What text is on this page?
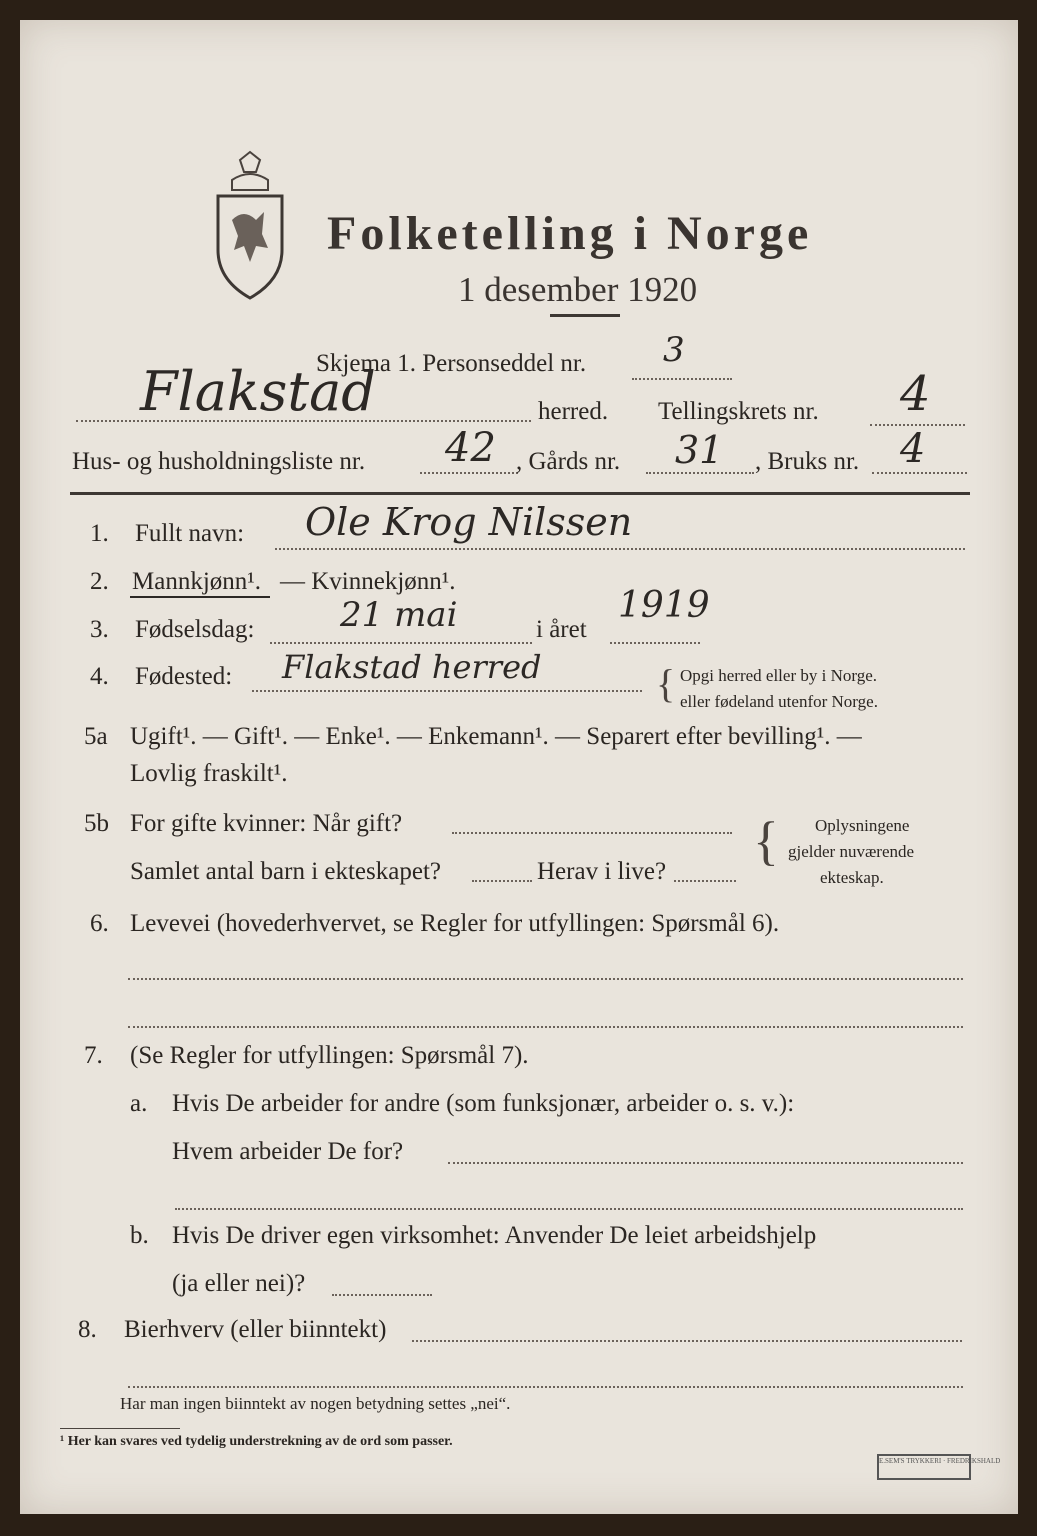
Folketelling i Norge
1 desember 1920
Skjema 1. Personseddel nr. 3
Flakstad	herred. Tellingskrets nr. 4
Hus- og husholdningsliste nr. 42 , Gårds nr. 31 , Bruks nr. 4
1. Fullt navn: Ole Krog Nilssen
2. Mannkjønn¹. — Kvinnekjønn¹.
3. Fødselsdag:	21 mai	i året
1919
4. Fødested: Flakstad herred	{ Opgi herred eller by i Norge.
eller fødeland utenfor Norge.
5a Ugift¹. — Gift¹. — Enke¹. — Enkemann¹. — Separert efter bevilling¹. —
Lovlig fraskilt¹.
5b For gifte kvinner: Når gift?
Samlet antal barn i ekteskapet?	Herav i live?
{ Oplysningene
gjelder nuværende
ekteskap.
6. Levevei (hovederhvervet, se Regler for utfyllingen: Spørsmål 6).
7. (Se Regler for utfyllingen: Spørsmål 7).
a. Hvis De arbeider for andre (som funksjonær, arbeider o. s. v.):
Hvem arbeider De for?
b. Hvis De driver egen virksomhet: Anvender De leiet arbeidshjelp
(ja eller nei)?
8. Bierhverv (eller biinntekt)
Har man ingen biinntekt av nogen betydning settes „nei“.
¹ Her kan svares ved tydelig understrekning av de ord som passer.
E.SEM'S TRYKKERI · FREDRIKSHALD
